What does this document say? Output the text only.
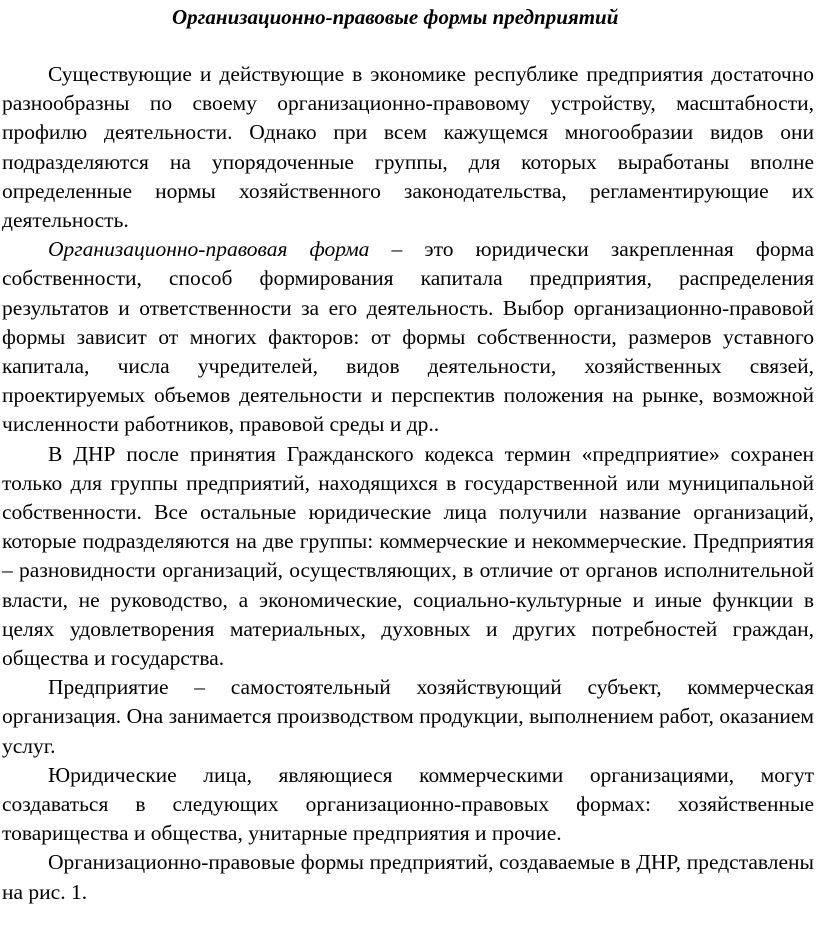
Организационно-правовые формы предприятий

Существующие и действующие в экономике республике предприятия достаточно разнообразны по своему организационно-правовому устройству, масштабности, профилю деятельности. Однако при всем кажущемся многообразии видов они подразделяются на упорядоченные группы, для которых выработаны вполне определенные нормы хозяйственного законодательства, регламентирующие их деятельность.

Организационно-правовая форма – это юридически закрепленная форма собственности, способ формирования капитала предприятия, распределения результатов и ответственности за его деятельность. Выбор организационно-правовой формы зависит от многих факторов: от формы собственности, размеров уставного капитала, числа учредителей, видов деятельности, хозяйственных связей, проектируемых объемов деятельности и перспектив положения на рынке, возможной численности работников, правовой среды и др..

В ДНР после принятия Гражданского кодекса термин «предприятие» сохранен только для группы предприятий, находящихся в государственной или муниципальной собственности. Все остальные юридические лица получили название организаций, которые подразделяются на две группы: коммерческие и некоммерческие. Предприятия – разновидности организаций, осуществляющих, в отличие от органов исполнительной власти, не руководство, а экономические, социально-культурные и иные функции в целях удовлетворения материальных, духовных и других потребностей граждан, общества и государства.

Предприятие – самостоятельный хозяйствующий субъект, коммерческая организация. Она занимается производством продукции, выполнением работ, оказанием услуг.

Юридические лица, являющиеся коммерческими организациями, могут создаваться в следующих организационно-правовых формах: хозяйственные товарищества и общества, унитарные предприятия и прочие.

Организационно-правовые формы предприятий, создаваемые в ДНР, представлены на рис. 1.
